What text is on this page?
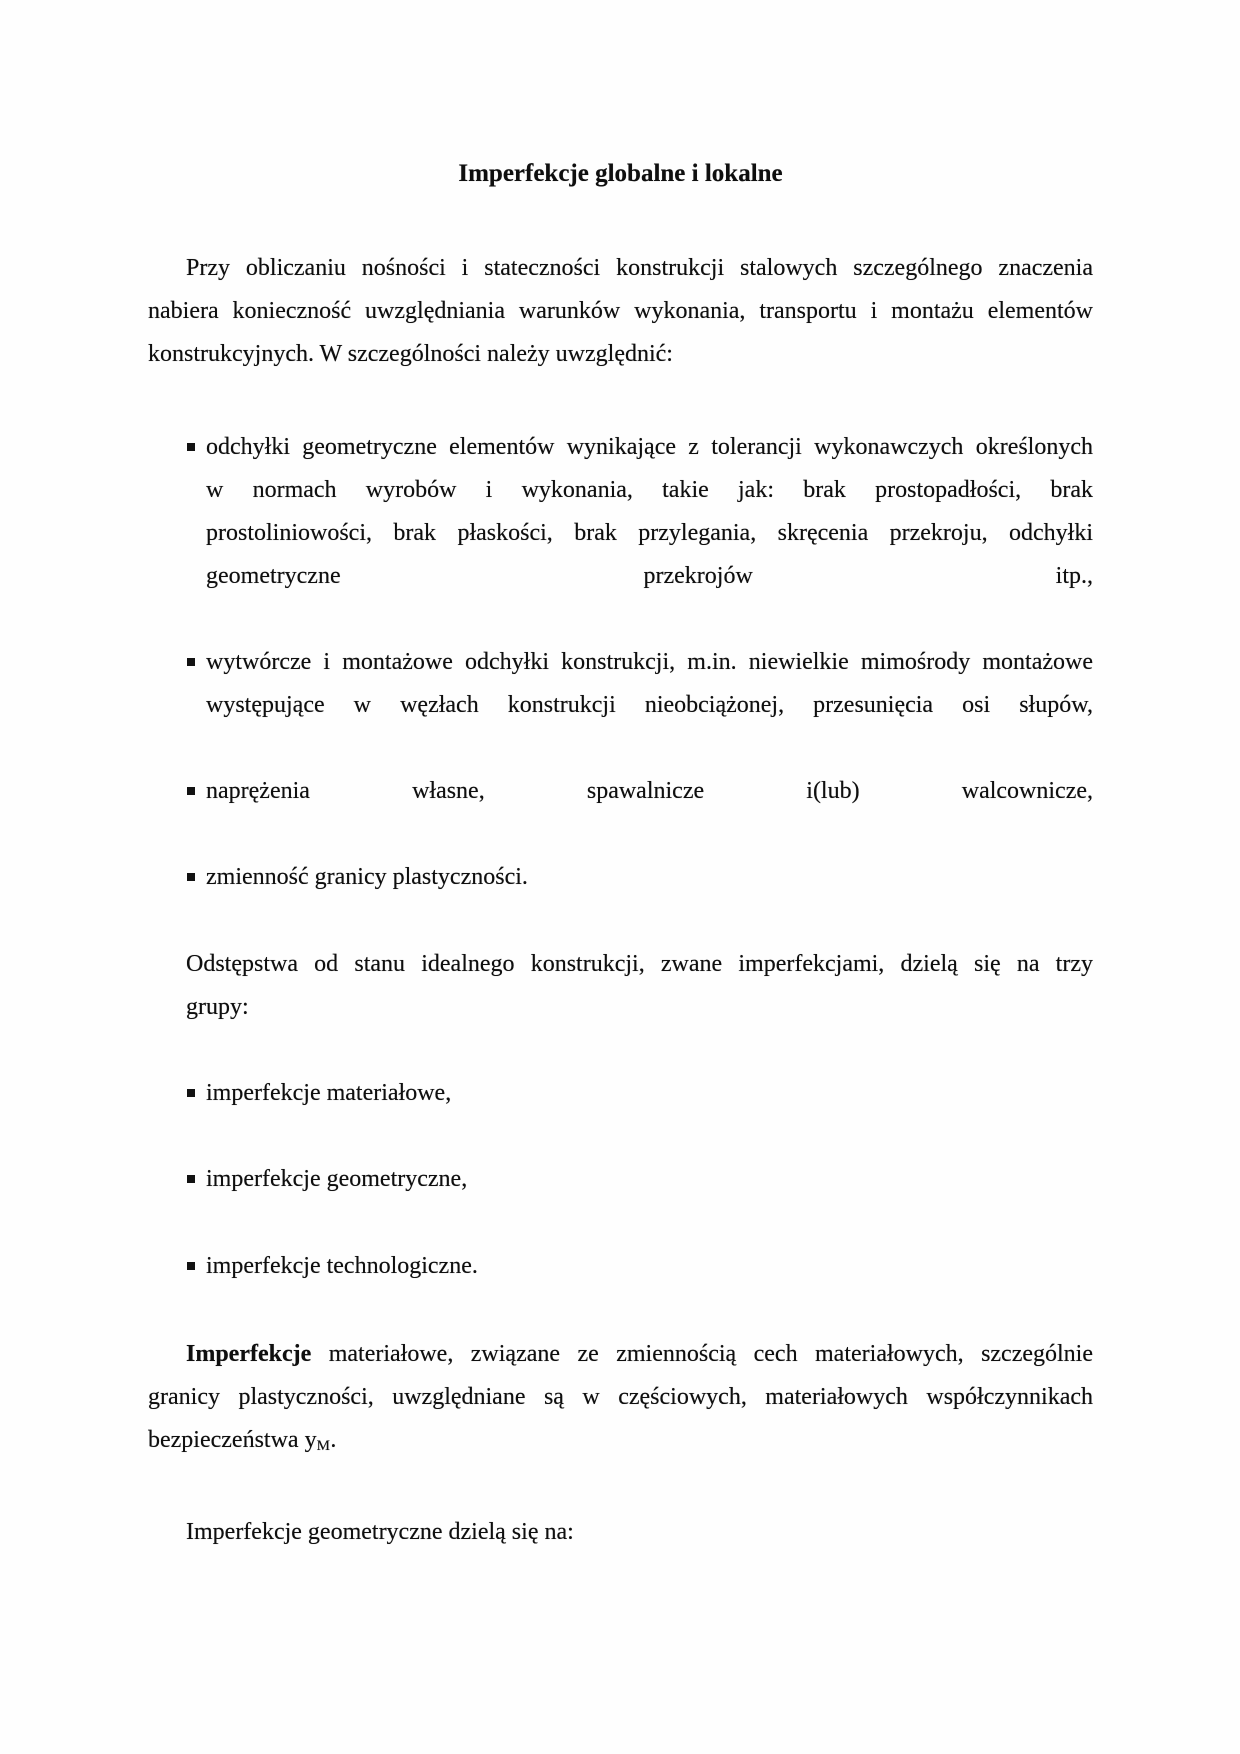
Imperfekcje globalne i lokalne
Przy obliczaniu nośności i stateczności konstrukcji stalowych szczególnego znaczenia
nabiera konieczność uwzględniania warunków wykonania, transportu i montażu elementów
konstrukcyjnych. W szczególności należy uwzględnić:
odchyłki geometryczne elementów wynikające z tolerancji wykonawczych określonych
w normach wyrobów i wykonania, takie jak: brak prostopadłości, brak
prostoliniowości, brak płaskości, brak przylegania, skręcenia przekroju, odchyłki
geometryczne przekrojów itp.,
wytwórcze i montażowe odchyłki konstrukcji, m.in. niewielkie mimośrody montażowe
występujące w węzłach konstrukcji nieobciążonej, przesunięcia osi słupów,
naprężenia własne, spawalnicze i(lub) walcownicze,
zmienność granicy plastyczności.
Odstępstwa od stanu idealnego konstrukcji, zwane imperfekcjami, dzielą się na trzy
grupy:
imperfekcje materiałowe,
imperfekcje geometryczne,
imperfekcje technologiczne.
Imperfekcje materiałowe, związane ze zmiennością cech materiałowych, szczególnie
granicy plastyczności, uwzględniane są w częściowych, materiałowych współczynnikach
bezpieczeństwa yM.
Imperfekcje geometryczne dzielą się na:
